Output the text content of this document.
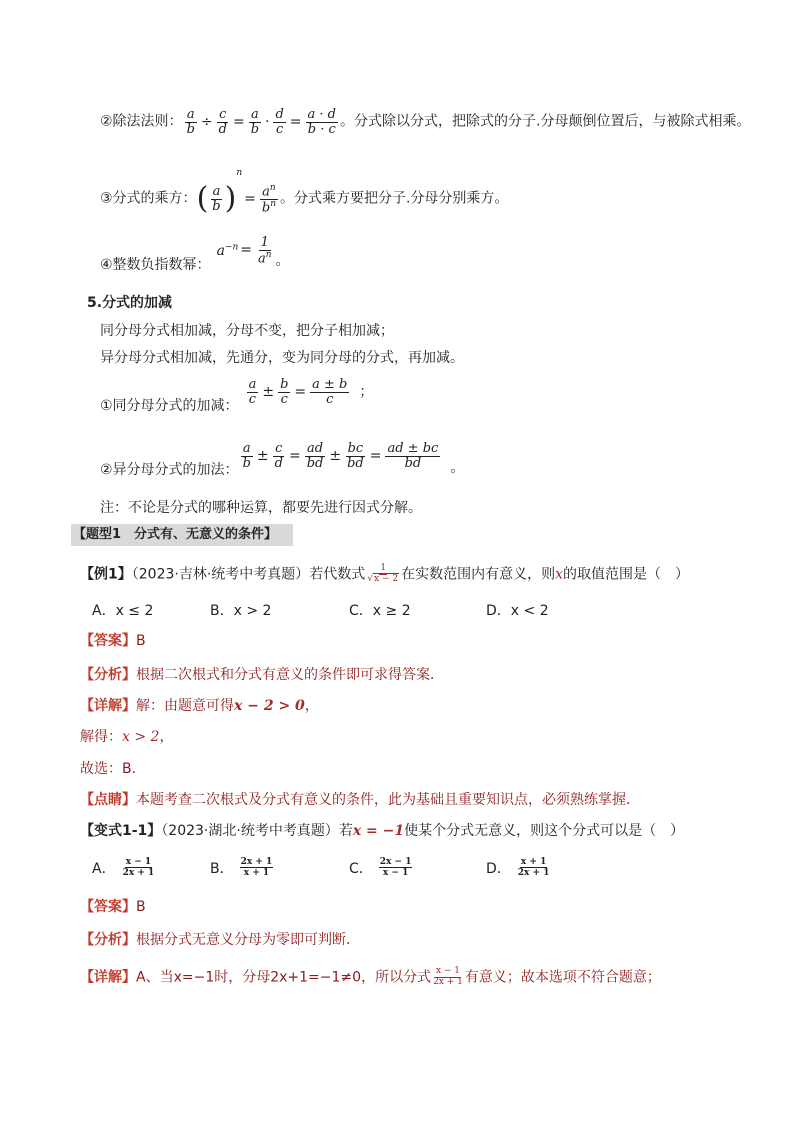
②除法法则： $\frac{a}{b} \div \frac{c}{d} = \frac{a}{b} \cdot \frac{d}{c} = \frac{a \cdot d}{b \cdot c}$ 。分式除以分式，把除式的分子.分母颠倒位置后，与被除式相乘。
③分式的乘方：( $\frac{a}{b} )^n= \frac{a^n}{b^n}$ 。分式乘方要把分子.分母分别乘方。
④整数负指数幂：$a^{-n} = \frac{1}{a^n}$ 。
5.分式的加减
同分母分式相加减，分母不变，把分子相加减；
异分母分式相加减，先通分，变为同分母的分式，再加减。
①同分母分式的加减： $\frac{a}{c} \pm \frac{b}{c} = \frac{a \pm b}{c}$ ；
②异分母分式的加法： $\frac{a}{b} \pm \frac{c}{d} = \frac{ad}{bd} \pm \frac{bc}{bd} = \frac{ad \pm bc}{bd}$ 。
注：不论是分式的哪种运算，都要先进行因式分解。
【题型1　分式有、无意义的条件】
【例1】（2023·吉林·统考中考真题）若代数式 $\frac{1}{√x - 2}$ 在实数范围内有意义，则x的取值范围是（　）
A．x ≤ 2	B．x > 2	C．x ≥ 2	D．x < 2
【答案】B
【分析】根据二次根式和分式有意义的条件即可求得答案．
【详解】解：由题意可得x − 2 > 0，
解得：x > 2，
故选：B．
【点睛】本题考查二次根式及分式有意义的条件，此为基础且重要知识点，必须熟练掌握．
【变式1-1】（2023·湖北·统考中考真题）若x = −1使某个分式无意义，则这个分式可以是（　）
A． $\frac{x - 1}{2x + 1}$	B． $\frac{2x + 1}{x + 1}$	C． $\frac{2x - 1}{x - 1}$	D． $\frac{x + 1}{2x + 1}$
【答案】B
【分析】根据分式无意义分母为零即可判断．
【详解】A、当x=−1时，分母2x+1=−1≠0，所以分式 $\frac{x - 1}{2x + 1}$ 有意义；故本选项不符合题意；
